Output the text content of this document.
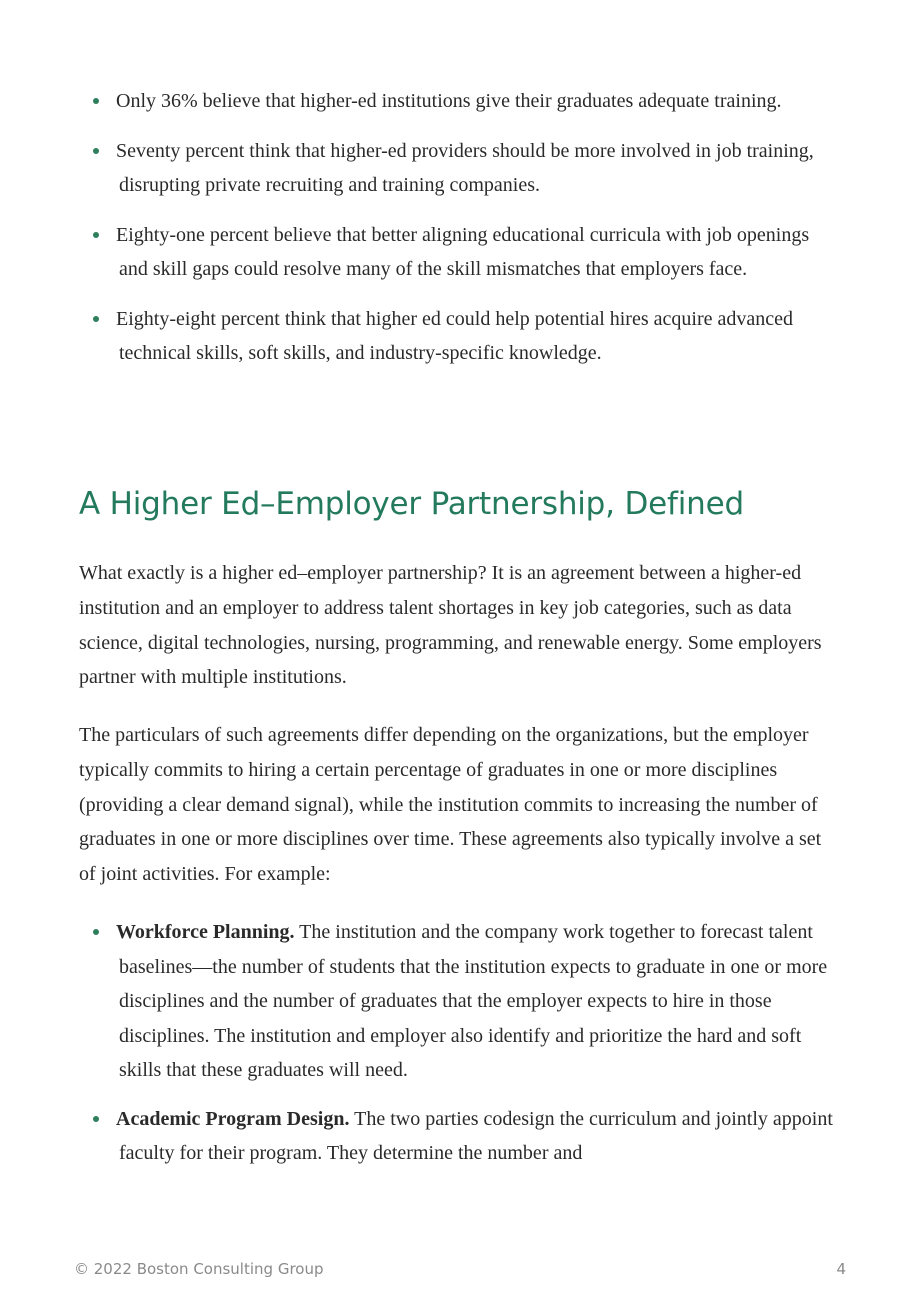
Only 36% believe that higher-ed institutions give their graduates adequate training.
Seventy percent think that higher-ed providers should be more involved in job training, disrupting private recruiting and training companies.
Eighty-one percent believe that better aligning educational curricula with job openings and skill gaps could resolve many of the skill mismatches that employers face.
Eighty-eight percent think that higher ed could help potential hires acquire advanced technical skills, soft skills, and industry-specific knowledge.
A Higher Ed–Employer Partnership, Defined

What exactly is a higher ed–employer partnership? It is an agreement between a higher-ed institution and an employer to address talent shortages in key job categories, such as data science, digital technologies, nursing, programming, and renewable energy. Some employers partner with multiple institutions.

The particulars of such agreements differ depending on the organizations, but the employer typically commits to hiring a certain percentage of graduates in one or more disciplines (providing a clear demand signal), while the institution commits to increasing the number of graduates in one or more disciplines over time. These agreements also typically involve a set of joint activities. For example:

Workforce Planning. The institution and the company work together to forecast talent baselines—the number of students that the institution expects to graduate in one or more disciplines and the number of graduates that the employer expects to hire in those disciplines. The institution and employer also identify and prioritize the hard and soft skills that these graduates will need.
Academic Program Design. The two parties codesign the curriculum and jointly appoint faculty for their program. They determine the number and
© 2022 Boston Consulting Group	4
